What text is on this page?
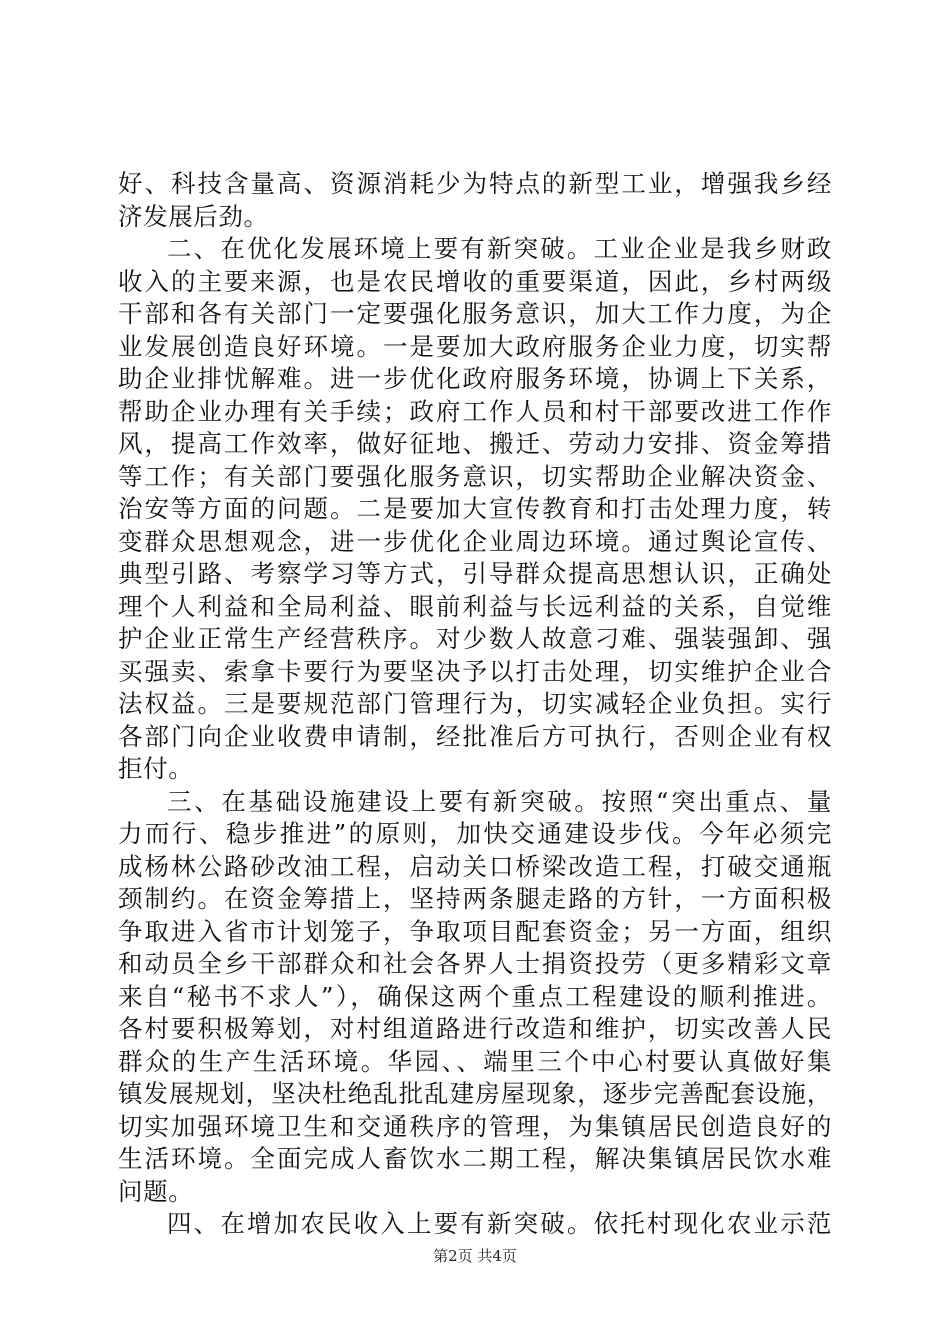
好、科技含量高、资源消耗少为特点的新型工业，增强我乡经
济发展后劲。
二、在优化发展环境上要有新突破。工业企业是我乡财政
收入的主要来源，也是农民增收的重要渠道，因此，乡村两级
干部和各有关部门一定要强化服务意识，加大工作力度，为企
业发展创造良好环境。一是要加大政府服务企业力度，切实帮
助企业排忧解难。进一步优化政府服务环境，协调上下关系，
帮助企业办理有关手续；政府工作人员和村干部要改进工作作
风，提高工作效率，做好征地、搬迁、劳动力安排、资金筹措
等工作；有关部门要强化服务意识，切实帮助企业解决资金、
治安等方面的问题。二是要加大宣传教育和打击处理力度，转
变群众思想观念，进一步优化企业周边环境。通过舆论宣传、
典型引路、考察学习等方式，引导群众提高思想认识，正确处
理个人利益和全局利益、眼前利益与长远利益的关系，自觉维
护企业正常生产经营秩序。对少数人故意刁难、强装强卸、强
买强卖、索拿卡要行为要坚决予以打击处理，切实维护企业合
法权益。三是要规范部门管理行为，切实减轻企业负担。实行
各部门向企业收费申请制，经批准后方可执行，否则企业有权
拒付。
三、在基础设施建设上要有新突破。按照“突出重点、量
力而行、稳步推进”的原则，加快交通建设步伐。今年必须完
成杨林公路砂改油工程，启动关口桥梁改造工程，打破交通瓶
颈制约。在资金筹措上，坚持两条腿走路的方针，一方面积极
争取进入省市计划笼子，争取项目配套资金；另一方面，组织
和动员全乡干部群众和社会各界人士捐资投劳（更多精彩文章
来自“秘书不求人”），确保这两个重点工程建设的顺利推进。
各村要积极筹划，对村组道路进行改造和维护，切实改善人民
群众的生产生活环境。华园、、端里三个中心村要认真做好集
镇发展规划，坚决杜绝乱批乱建房屋现象，逐步完善配套设施，
切实加强环境卫生和交通秩序的管理，为集镇居民创造良好的
生活环境。全面完成人畜饮水二期工程，解决集镇居民饮水难
问题。
四、在增加农民收入上要有新突破。依托村现化农业示范
第2页 共4页
